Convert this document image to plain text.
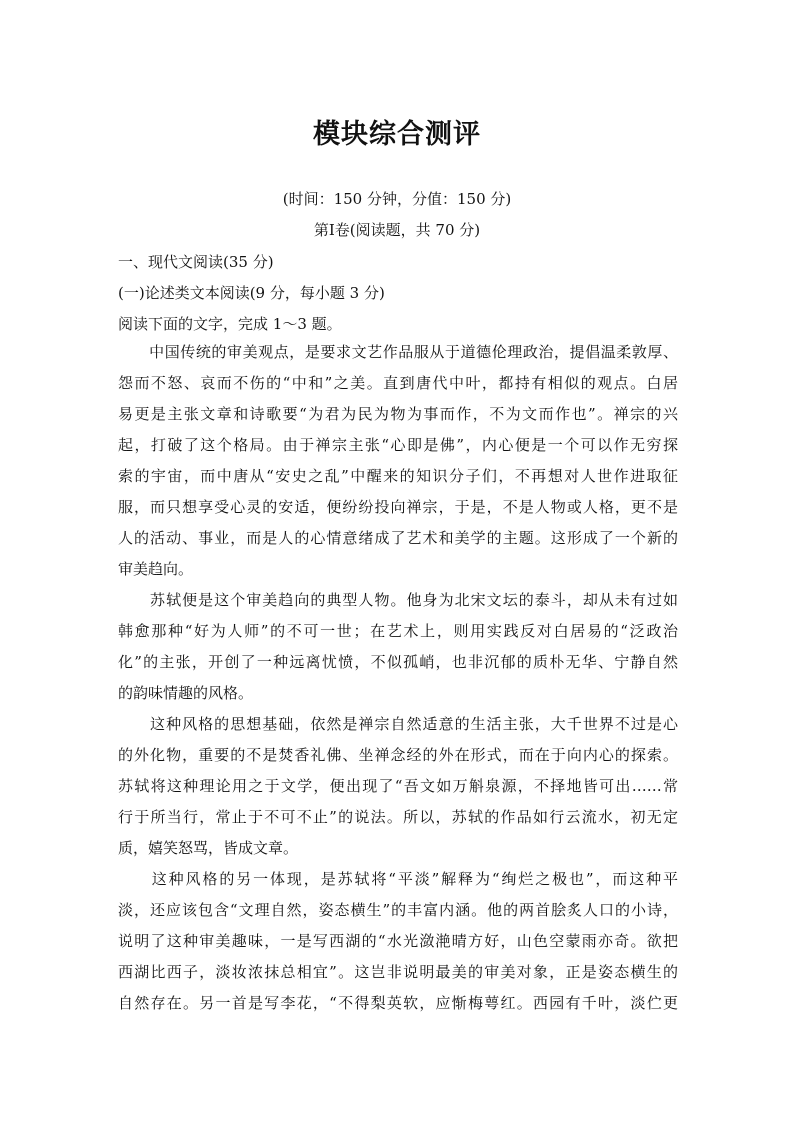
模块综合测评
(时间：150 分钟，分值：150 分)
第Ⅰ卷(阅读题，共 70 分)
一、现代文阅读(35 分)
(一)论述类文本阅读(9 分，每小题 3 分)
阅读下面的文字，完成 1～3 题。
　　中国传统的审美观点，是要求文艺作品服从于道德伦理政治，提倡温柔敦厚、
怨而不怒、哀而不伤的“中和”之美。直到唐代中叶，都持有相似的观点。白居
易更是主张文章和诗歌要“为君为民为物为事而作，不为文而作也”。禅宗的兴
起，打破了这个格局。由于禅宗主张“心即是佛”，内心便是一个可以作无穷探
索的宇宙，而中唐从“安史之乱”中醒来的知识分子们，不再想对人世作进取征
服，而只想享受心灵的安适，便纷纷投向禅宗，于是，不是人物或人格，更不是
人的活动、事业，而是人的心情意绪成了艺术和美学的主题。这形成了一个新的
审美趋向。
　　苏轼便是这个审美趋向的典型人物。他身为北宋文坛的泰斗，却从未有过如
韩愈那种“好为人师”的不可一世；在艺术上，则用实践反对白居易的“泛政治
化”的主张，开创了一种远离忧愤，不似孤峭，也非沉郁的质朴无华、宁静自然
的韵味情趣的风格。
　　这种风格的思想基础，依然是禅宗自然适意的生活主张，大千世界不过是心
的外化物，重要的不是焚香礼佛、坐禅念经的外在形式，而在于向内心的探索。
苏轼将这种理论用之于文学，便出现了“吾文如万斛泉源，不择地皆可出……常
行于所当行，常止于不可不止”的说法。所以，苏轼的作品如行云流水，初无定
质，嬉笑怒骂，皆成文章。
　　这种风格的另一体现，是苏轼将“平淡”解释为“绚烂之极也”，而这种平
淡，还应该包含“文理自然，姿态横生”的丰富内涵。他的两首脍炙人口的小诗，
说明了这种审美趣味，一是写西湖的“水光潋滟晴方好，山色空蒙雨亦奇。欲把
西湖比西子，淡妆浓抹总相宜”。这岂非说明最美的审美对象，正是姿态横生的
自然存在。另一首是写李花，“不得梨英软，应惭梅萼红。西园有千叶，淡伫更
